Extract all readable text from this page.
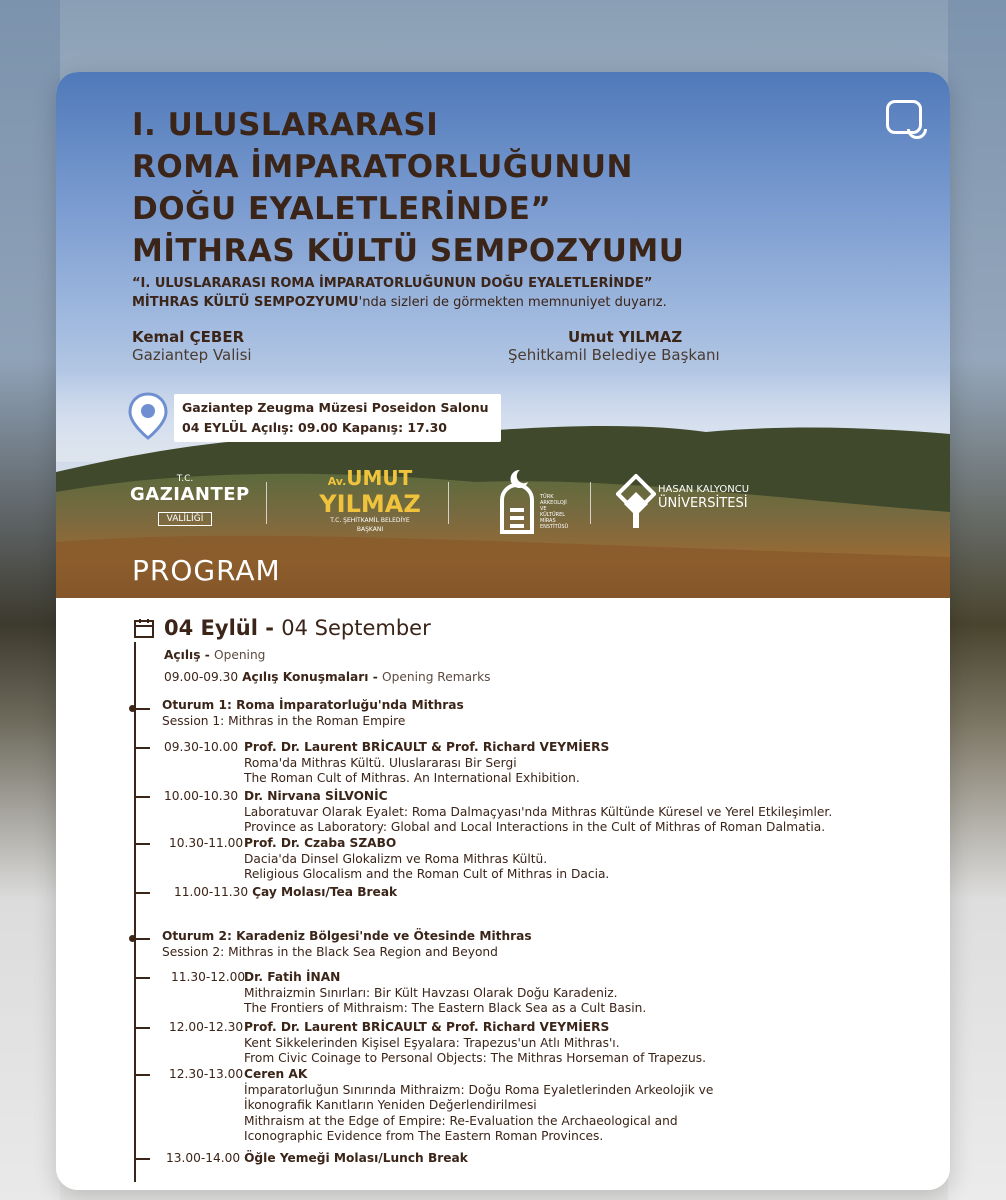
I. ULUSLARARASI
ROMA İMPARATORLUĞUNUN
DOĞU EYALETLERİNDE”
MİTHRAS KÜLTÜ SEMPOZYUMU
“I. ULUSLARARASI ROMA İMPARATORLUĞUNUN DOĞU EYALETLERİNDE”
MİTHRAS KÜLTÜ SEMPOZYUMU'nda sizleri de görmekten memnuniyet duyarız.
Kemal ÇEBER
Gaziantep Valisi
Umut YILMAZ
Şehitkamil Belediye Başkanı
Gaziantep Zeugma Müzesi Poseidon Salonu
04 EYLÜL Açılış: 09.00 Kapanış: 17.30
T.C.
GAZIANTEP
VALİLİĞİ
Av.UMUT
YILMAZ
T.C. ŞEHİTKAMİL BELEDİYE BAŞKANI
TÜRK ARKEOLOJİ VE KÜLTÜREL MİRAS ENSTİTÜSÜ
HASAN KALYONCU
ÜNİVERSİTESİ
PROGRAM
04 Eylül - 04 September
Açılış - Opening
09.00-09.30 Açılış Konuşmaları - Opening Remarks
Oturum 1: Roma İmparatorluğu'nda Mithras
Session 1: Mithras in the Roman Empire
09.30-10.00 Prof. Dr. Laurent BRİCAULT & Prof. Richard VEYMİERS
Roma'da Mithras Kültü. Uluslararası Bir Sergi
The Roman Cult of Mithras. An International Exhibition.
10.00-10.30 Dr. Nirvana SİLVONİC
Laboratuvar Olarak Eyalet: Roma Dalmaçyası'nda Mithras Kültünde Küresel ve Yerel Etkileşimler.
Province as Laboratory: Global and Local Interactions in the Cult of Mithras of Roman Dalmatia.
10.30-11.00 Prof. Dr. Czaba SZABO
Dacia'da Dinsel Glokalizm ve Roma Mithras Kültü.
Religious Glocalism and the Roman Cult of Mithras in Dacia.
11.00-11.30 Çay Molası/Tea Break
Oturum 2: Karadeniz Bölgesi'nde ve Ötesinde Mithras
Session 2: Mithras in the Black Sea Region and Beyond
11.30-12.00
Dr. Fatih İNAN
Mithraizmin Sınırları: Bir Kült Havzası Olarak Doğu Karadeniz.
The Frontiers of Mithraism: The Eastern Black Sea as a Cult Basin.
12.00-12.30 Prof. Dr. Laurent BRİCAULT & Prof. Richard VEYMİERS
Kent Sikkelerinden Kişisel Eşyalara: Trapezus'un Atlı Mithras'ı.
From Civic Coinage to Personal Objects: The Mithras Horseman of Trapezus.
12.30-13.00 Ceren AK
İmparatorluğun Sınırında Mithraizm: Doğu Roma Eyaletlerinden Arkeolojik ve
İkonografik Kanıtların Yeniden Değerlendirilmesi
Mithraism at the Edge of Empire: Re-Evaluation the Archaeological and
Iconographic Evidence from The Eastern Roman Provinces.
13.00-14.00 Öğle Yemeği Molası/Lunch Break
